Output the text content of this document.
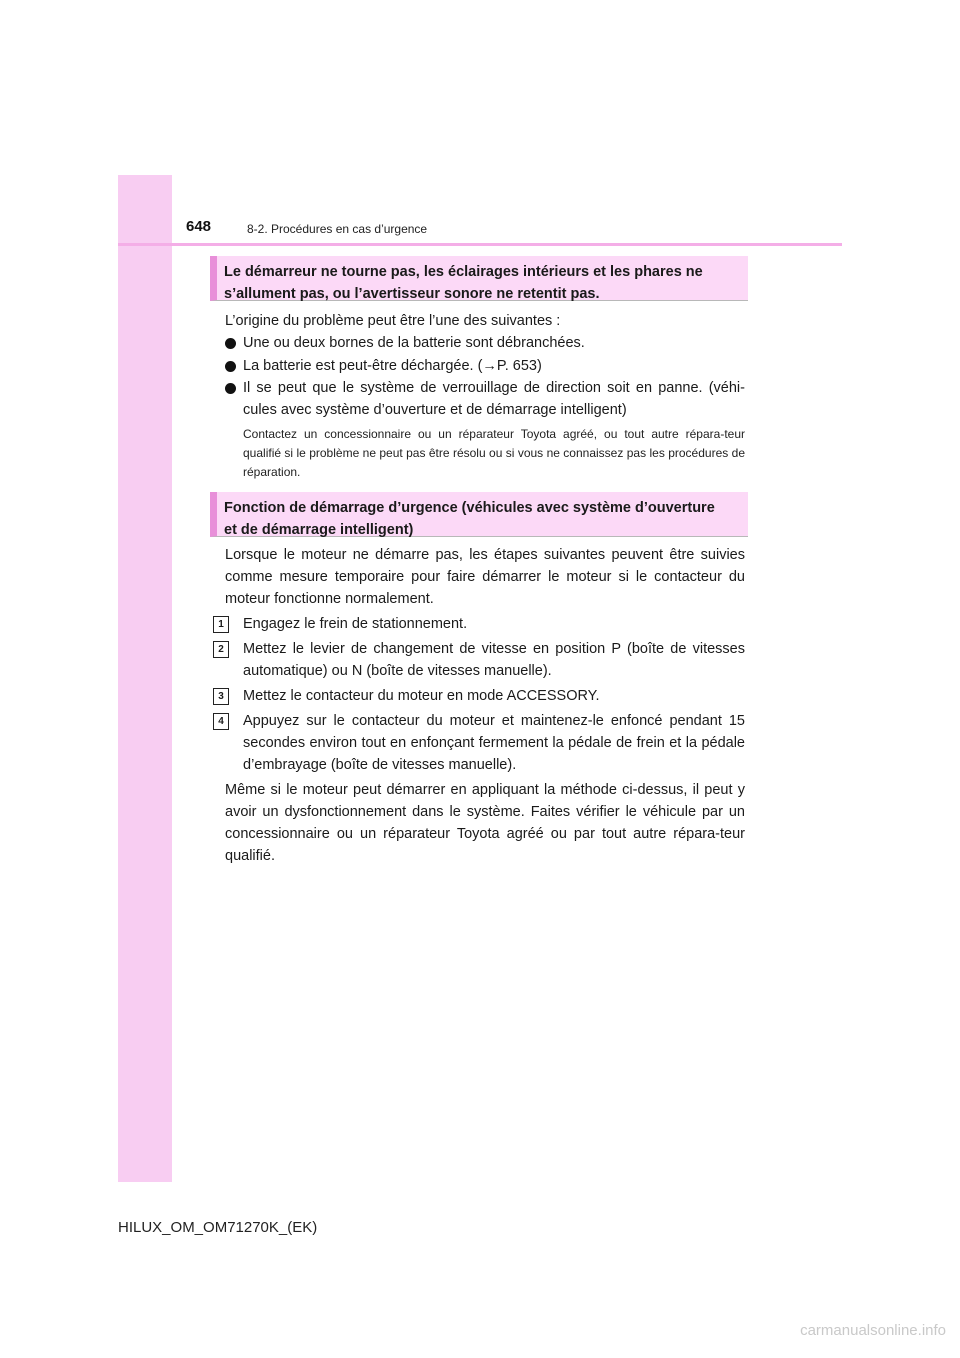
648	8-2. Procédures en cas d’urgence
Le démarreur ne tourne pas, les éclairages intérieurs et les phares ne
s’allument pas, ou l’avertisseur sonore ne retentit pas.

L’origine du problème peut être l’une des suivantes :

Une ou deux bornes de la batterie sont débranchées.
La batterie est peut-être déchargée. (→P. 653)
Il se peut que le système de verrouillage de direction soit en panne. (véhi-cules avec système d’ouverture et de démarrage intelligent)
Contactez un concessionnaire ou un réparateur Toyota agréé, ou tout autre répara-teur qualifié si le problème ne peut pas être résolu ou si vous ne connaissez pas les procédures de réparation.
Fonction de démarrage d’urgence (véhicules avec système d’ouverture
et de démarrage intelligent)

Lorsque le moteur ne démarre pas, les étapes suivantes peuvent être suivies comme mesure temporaire pour faire démarrer le moteur si le contacteur du moteur fonctionne normalement.

1	Engagez le frein de stationnement.
2	Mettez le levier de changement de vitesse en position P (boîte de vitesses automatique) ou N (boîte de vitesses manuelle).
3	Mettez le contacteur du moteur en mode ACCESSORY.
4	Appuyez sur le contacteur du moteur et maintenez-le enfoncé pendant 15 secondes environ tout en enfonçant fermement la pédale de frein et la pédale d’embrayage (boîte de vitesses manuelle).

Même si le moteur peut démarrer en appliquant la méthode ci-dessus, il peut y avoir un dysfonctionnement dans le système. Faites vérifier le véhicule par un concessionnaire ou un réparateur Toyota agréé ou par tout autre répara-teur qualifié.

HILUX_OM_OM71270K_(EK)
carmanualsonline.info
